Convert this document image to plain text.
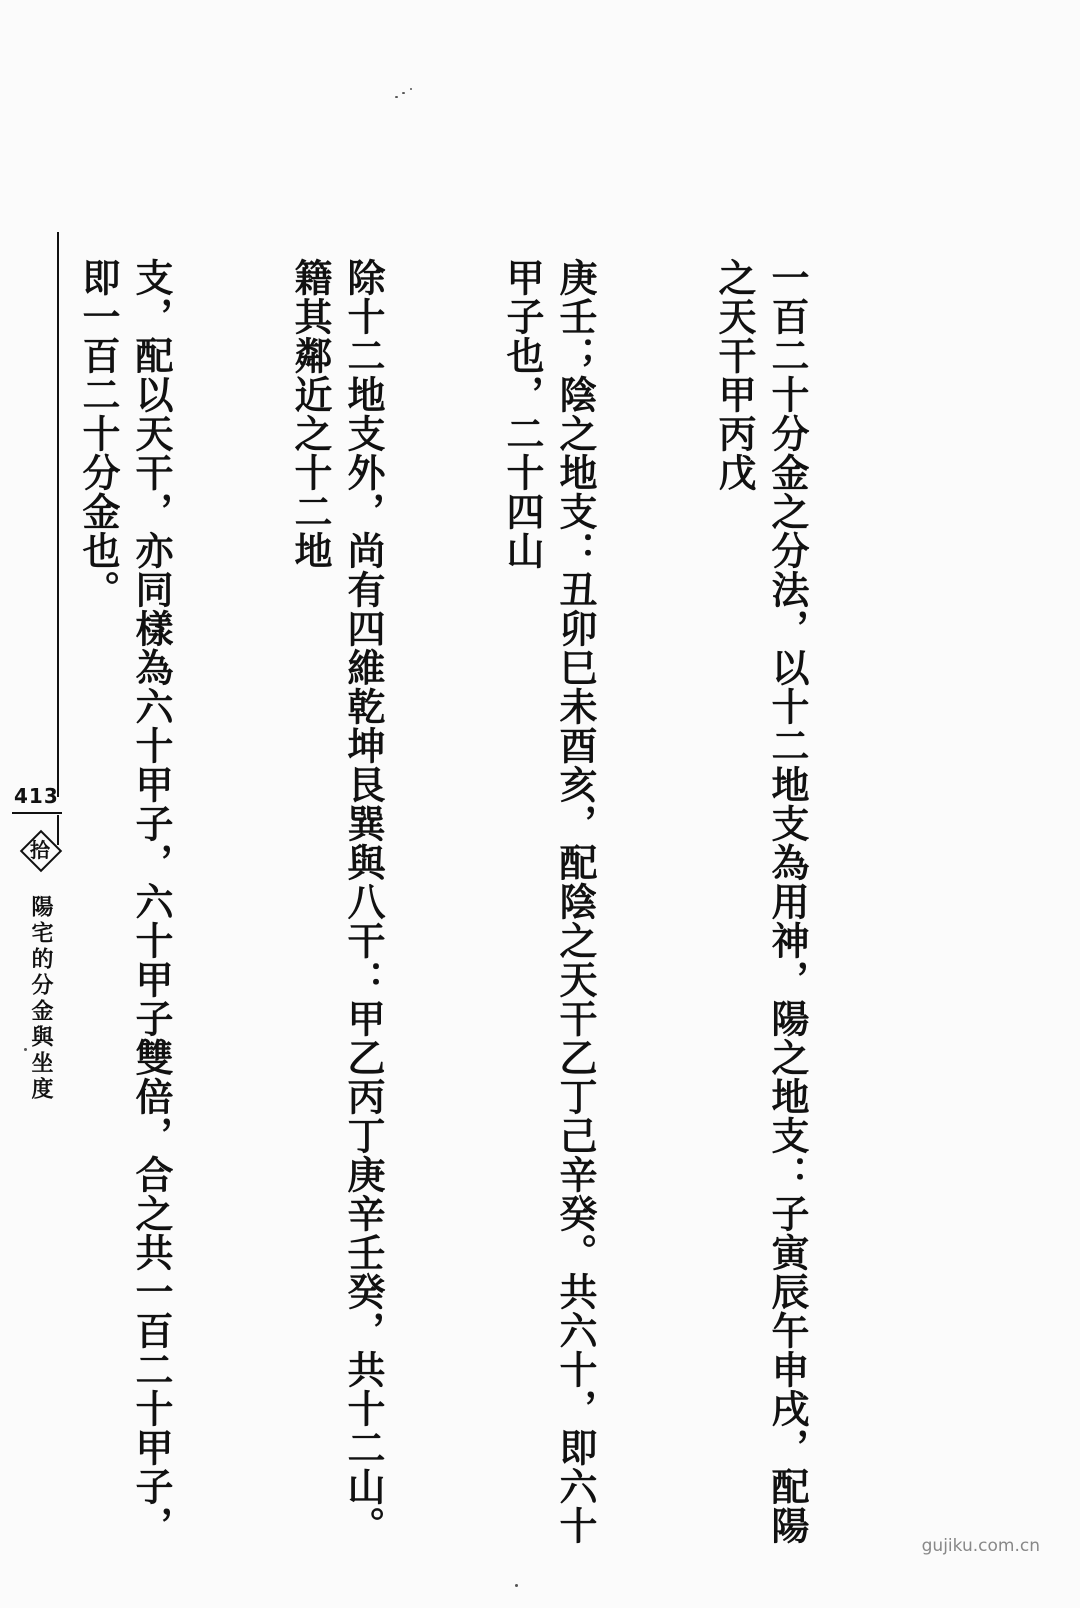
一百二十分金之分法，以十二地支為用神，陽之地支：子寅辰午申戌，配陽之天干甲丙戊

庚壬；陰之地支：丑卯巳未酉亥，配陰之天干乙丁己辛癸。共六十，即六十甲子也，二十四山

除十二地支外，尚有四維乾坤艮巽與八干：甲乙丙丁庚辛壬癸，共十二山。籍其鄰近之十二地

支，配以天干，亦同樣為六十甲子，六十甲子雙倍，合之共一百二十甲子，即一百二十分金也。

413
拾
陽宅的分金與坐度
gujiku.com.cn
